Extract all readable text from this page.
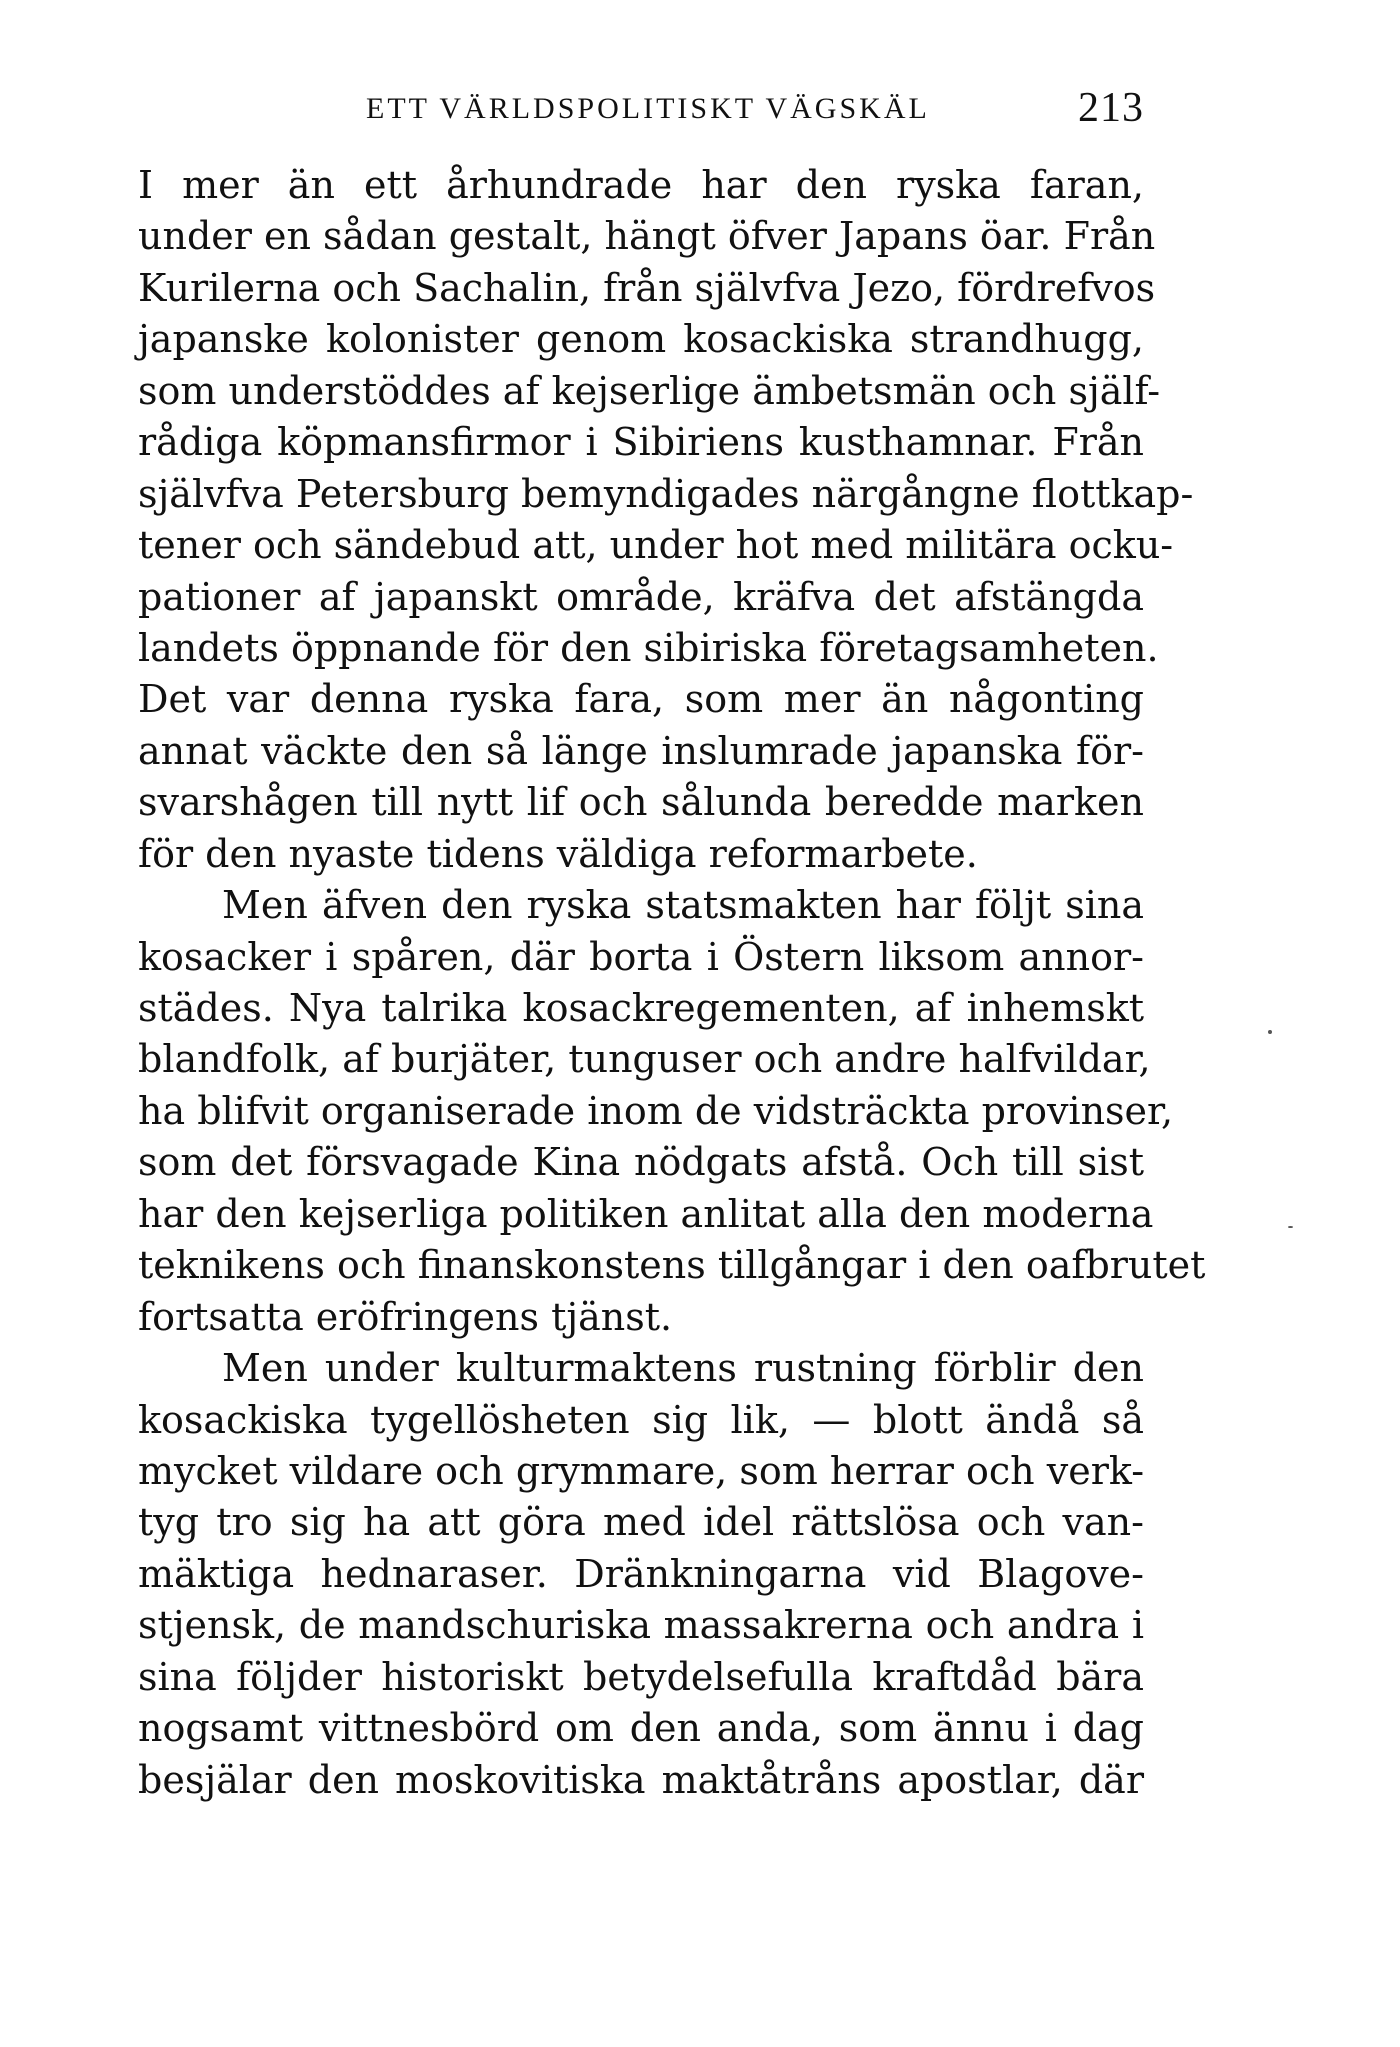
ETT VÄRLDSPOLITISKT VÄGSKÄL	213
I mer än ett århundrade har den ryska faran,
under en sådan gestalt, hängt öfver Japans öar. Från
Kurilerna och Sachalin, från självfva Jezo, fördrefvos
japanske kolonister genom kosackiska strandhugg,
som understöddes af kejserlige ämbetsmän och själf-
rådiga köpmansfirmor i Sibiriens kusthamnar. Från
självfva Petersburg bemyndigades närgångne flottkap-
tener och sändebud att, under hot med militära ocku-
pationer af japanskt område, kräfva det afstängda
landets öppnande för den sibiriska företagsamheten.
Det var denna ryska fara, som mer än någonting
annat väckte den så länge inslumrade japanska för-
svarshågen till nytt lif och sålunda beredde marken
för den nyaste tidens väldiga reformarbete.
Men äfven den ryska statsmakten har följt sina
kosacker i spåren, där borta i Östern liksom annor-
städes. Nya talrika kosackregementen, af inhemskt
blandfolk, af burjäter, tunguser och andre halfvildar,
ha blifvit organiserade inom de vidsträckta provinser,
som det försvagade Kina nödgats afstå. Och till sist
har den kejserliga politiken anlitat alla den moderna
teknikens och finanskonstens tillgångar i den oafbrutet
fortsatta eröfringens tjänst.
Men under kulturmaktens rustning förblir den
kosackiska tygellösheten sig lik, — blott ändå så
mycket vildare och grymmare, som herrar och verk-
tyg tro sig ha att göra med idel rättslösa och van-
mäktiga hednaraser. Dränkningarna vid Blagove-
stjensk, de mandschuriska massakrerna och andra i
sina följder historiskt betydelsefulla kraftdåd bära
nogsamt vittnesbörd om den anda, som ännu i dag
besjälar den moskovitiska maktåtråns apostlar, där
